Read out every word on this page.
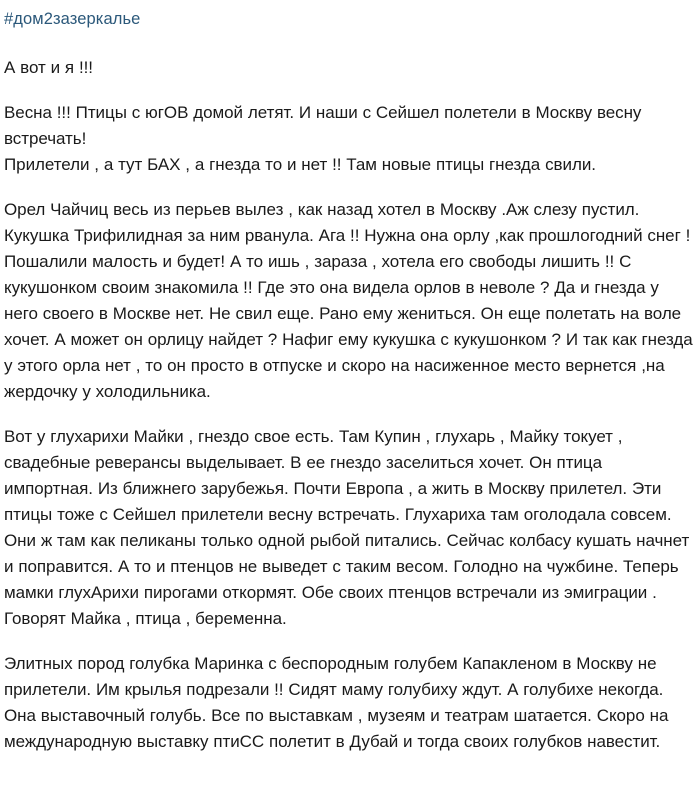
#дом2зазеркалье

А вот и я !!!

Весна !!! Птицы с югОВ домой летят. И наши с Сейшел полетели в Москву весну встречать!

Прилетели , а тут БАХ , а гнезда то и нет !! Там новые птицы гнезда свили.

Орел Чайчиц весь из перьев вылез , как назад хотел в Москву .Аж слезу пустил. Кукушка Трифилидная за ним рванула. Ага !! Нужна она орлу ,как прошлогодний снег ! Пошалили малость и будет! А то ишь , зараза , хотела его свободы лишить !! С кукушонком своим знакомила !! Где это она видела орлов в неволе ? Да и гнезда у него своего в Москве нет. Не свил еще. Рано ему жениться. Он еще полетать на воле хочет. А может он орлицу найдет ? Нафиг ему кукушка с кукушонком ? И так как гнезда у этого орла нет , то он просто в отпуске и скоро на насиженное место вернется ,на жердочку у холодильника.

Вот у глухарихи Майки , гнездо свое есть. Там Купин , глухарь , Майку токует , свадебные реверансы выделывает. В ее гнездо заселиться хочет. Он птица импортная. Из ближнего зарубежья. Почти Европа , а жить в Москву прилетел. Эти птицы тоже с Сейшел прилетели весну встречать. Глухариха там оголодала совсем. Они ж там как пеликаны только одной рыбой питались. Сейчас колбасу кушать начнет и поправится. А то и птенцов не выведет с таким весом. Голодно на чужбине. Теперь мамки глухАрихи пирогами откормят. Обе своих птенцов встречали из эмиграции . Говорят Майка , птица , беременна.

Элитных пород голубка Маринка с беспородным голубем Капакленом в Москву не прилетели. Им крылья подрезали !! Сидят маму голубиху ждут. А голубихе некогда. Она выставочный голубь. Все по выставкам , музеям и театрам шатается. Скоро на международную выставку птиСС полетит в Дубай и тогда своих голубков навестит.
